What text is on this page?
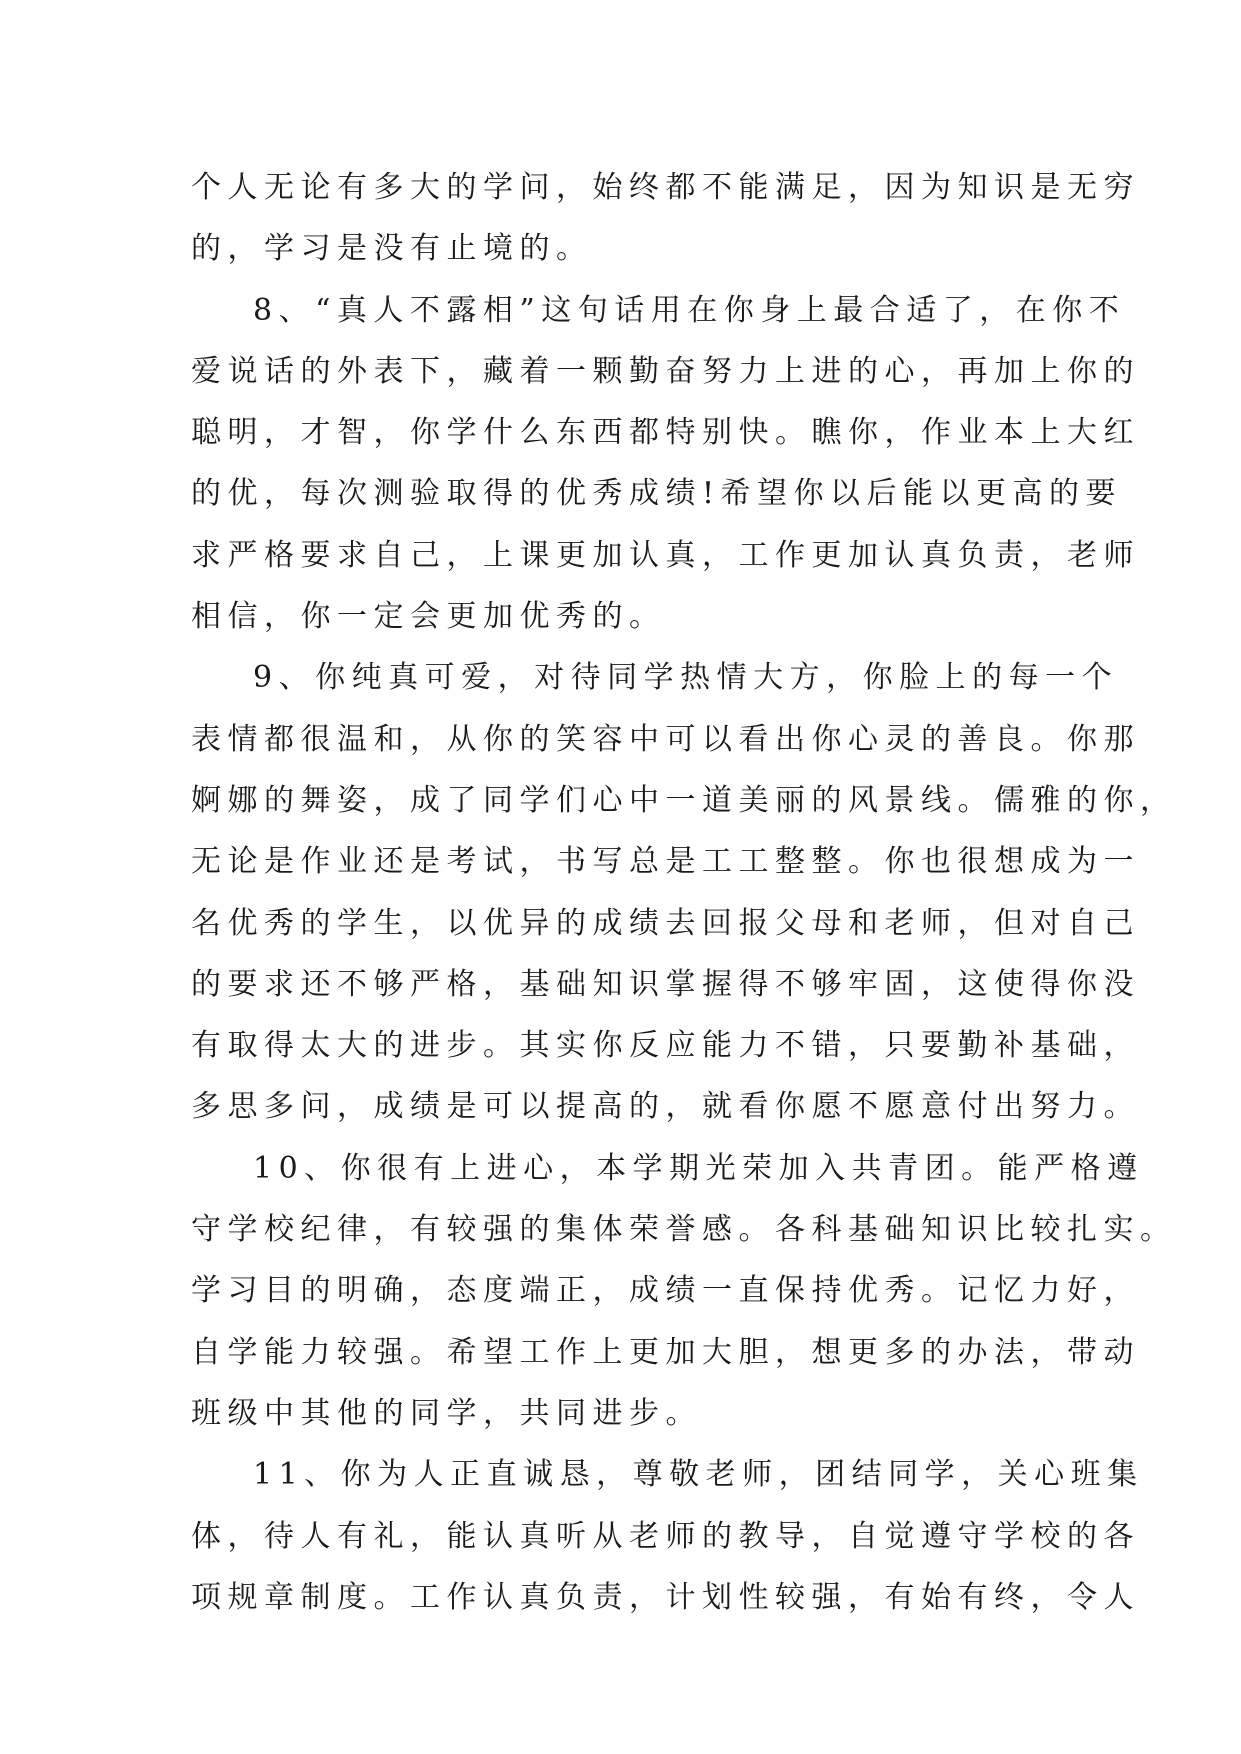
个人无论有多大的学问，始终都不能满足，因为知识是无穷

的，学习是没有止境的。

8、“真人不露相”这句话用在你身上最合适了，在你不

爱说话的外表下，藏着一颗勤奋努力上进的心，再加上你的

聪明，才智，你学什么东西都特别快。瞧你，作业本上大红

的优，每次测验取得的优秀成绩!希望你以后能以更高的要

求严格要求自己，上课更加认真，工作更加认真负责，老师

相信，你一定会更加优秀的。

9、你纯真可爱，对待同学热情大方，你脸上的每一个

表情都很温和，从你的笑容中可以看出你心灵的善良。你那

婀娜的舞姿，成了同学们心中一道美丽的风景线。儒雅的你，

无论是作业还是考试，书写总是工工整整。你也很想成为一

名优秀的学生，以优异的成绩去回报父母和老师，但对自己

的要求还不够严格，基础知识掌握得不够牢固，这使得你没

有取得太大的进步。其实你反应能力不错，只要勤补基础，

多思多问，成绩是可以提高的，就看你愿不愿意付出努力。

10、你很有上进心，本学期光荣加入共青团。能严格遵

守学校纪律，有较强的集体荣誉感。各科基础知识比较扎实。

学习目的明确，态度端正，成绩一直保持优秀。记忆力好，

自学能力较强。希望工作上更加大胆，想更多的办法，带动

班级中其他的同学，共同进步。

11、你为人正直诚恳，尊敬老师，团结同学，关心班集

体，待人有礼，能认真听从老师的教导，自觉遵守学校的各

项规章制度。工作认真负责，计划性较强，有始有终，令人
